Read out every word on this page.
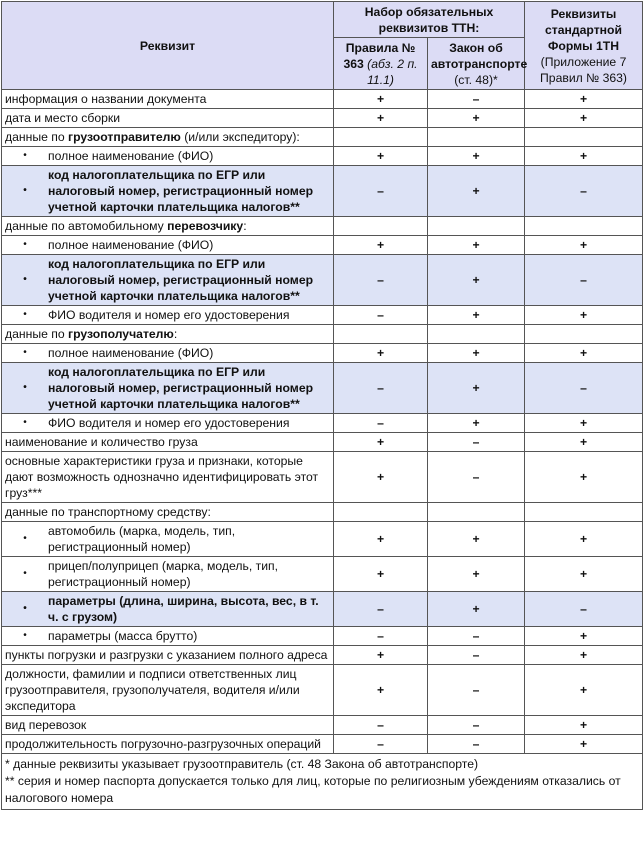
Реквизит	Набор обязательных реквизитов ТТН:		Реквизиты стандартной Формы 1ТН (Приложение 7 Правил № 363)
	Правила № 363 (абз. 2 п. 11.1)	Закон об автотранспорте
(ст. 48)*	
информация о названии документа	+	–	+
дата и место сборки	+	+	+
данные по грузоотправителю (и/или экспедитору):			

• полное наименование (ФИО)	+	+	+

•
код налогоплательщика по ЕГР или налоговый номер, регистрационный номер учетной карточки плательщика налогов**	–	+	–
данные по автомобильному перевозчику:			

• полное наименование (ФИО)	+	+	+

•
код налогоплательщика по ЕГР или налоговый номер, регистрационный номер учетной карточки плательщика налогов**	–	+	–

• ФИО водителя и номер его удостоверения	–	+	+
данные по грузополучателю:			

• полное наименование (ФИО)	+	+	+

•
код налогоплательщика по ЕГР или налоговый номер, регистрационный номер учетной карточки плательщика налогов**	–	+	–

• ФИО водителя и номер его удостоверения	–	+	+
наименование и количество груза	+	–	+
основные характеристики груза и признаки, которые дают возможность однозначно идентифицировать этот груз***	+	–	+
данные по транспортному средству:			

•
автомобиль (марка, модель, тип, регистрационный номер)	+	+	+

•
прицеп/полуприцеп (марка, модель, тип, регистрационный номер)	+	+	+

•
параметры (длина, ширина, высота, вес, в т. ч. с грузом)	–	+	–

• параметры (масса брутто)	–	–	+
пункты погрузки и разгрузки с указанием полного адреса	+	–	+
должности, фамилии и подписи ответственных лиц грузоотправителя, грузополучателя, водителя и/или экспедитора	+	–	+
вид перевозок	–	–	+
продолжительность погрузочно-разгрузочных операций	–	–	+

* данные реквизиты указывает грузоотправитель (ст. 48 Закона об автотранспорте)
** серия и номер паспорта допускается только для лиц, которые по религиозным убеждениям отказались от налогового номера			
